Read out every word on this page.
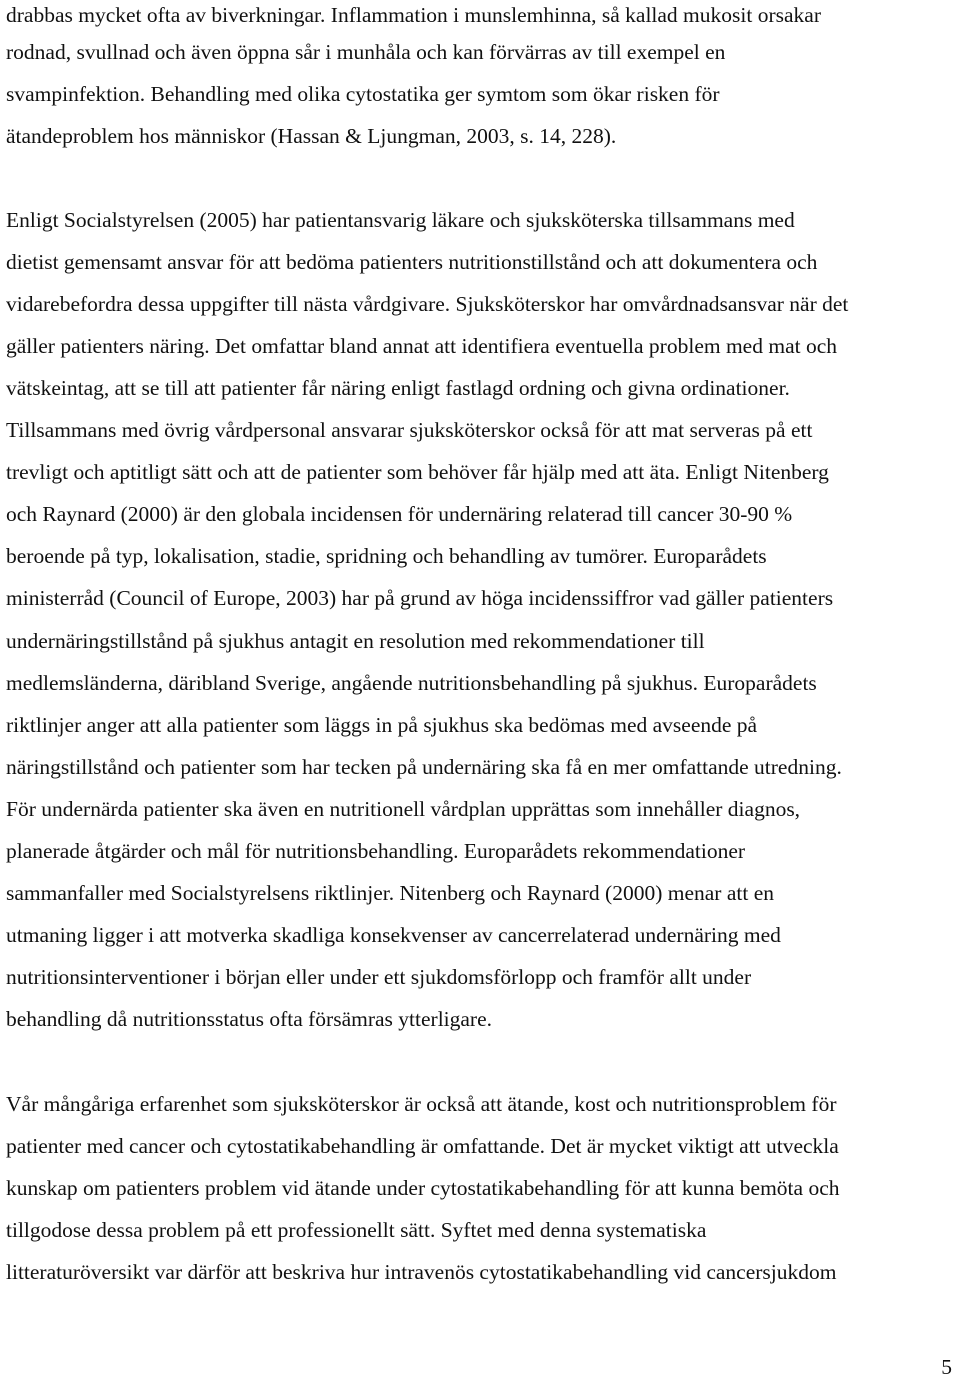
drabbas mycket ofta av biverkningar. Inflammation i munslemhinna, så kallad mukosit orsakar

rodnad, svullnad och även öppna sår i munhåla och kan förvärras av till exempel en

svampinfektion. Behandling med olika cytostatika ger symtom som ökar risken för

ätandeproblem hos människor (Hassan & Ljungman, 2003, s. 14, 228).

Enligt Socialstyrelsen (2005) har patientansvarig läkare och sjuksköterska tillsammans med

dietist gemensamt ansvar för att bedöma patienters nutritionstillstånd och att dokumentera och

vidarebefordra dessa uppgifter till nästa vårdgivare. Sjuksköterskor har omvårdnadsansvar när det

gäller patienters näring. Det omfattar bland annat att identifiera eventuella problem med mat och

vätskeintag, att se till att patienter får näring enligt fastlagd ordning och givna ordinationer.

Tillsammans med övrig vårdpersonal ansvarar sjuksköterskor också för att mat serveras på ett

trevligt och aptitligt sätt och att de patienter som behöver får hjälp med att äta. Enligt Nitenberg

och Raynard (2000) är den globala incidensen för undernäring relaterad till cancer 30-90 %

beroende på typ, lokalisation, stadie, spridning och behandling av tumörer. Europarådets

ministerråd (Council of Europe, 2003) har på grund av höga incidenssiffror vad gäller patienters

undernäringstillstånd på sjukhus antagit en resolution med rekommendationer till

medlemsländerna, däribland Sverige, angående nutritionsbehandling på sjukhus. Europarådets

riktlinjer anger att alla patienter som läggs in på sjukhus ska bedömas med avseende på

näringstillstånd och patienter som har tecken på undernäring ska få en mer omfattande utredning.

För undernärda patienter ska även en nutritionell vårdplan upprättas som innehåller diagnos,

planerade åtgärder och mål för nutritionsbehandling. Europarådets rekommendationer

sammanfaller med Socialstyrelsens riktlinjer. Nitenberg och Raynard (2000) menar att en

utmaning ligger i att motverka skadliga konsekvenser av cancerrelaterad undernäring med

nutritionsinterventioner i början eller under ett sjukdomsförlopp och framför allt under

behandling då nutritionsstatus ofta försämras ytterligare.

Vår mångåriga erfarenhet som sjuksköterskor är också att ätande, kost och nutritionsproblem för

patienter med cancer och cytostatikabehandling är omfattande. Det är mycket viktigt att utveckla

kunskap om patienters problem vid ätande under cytostatikabehandling för att kunna bemöta och

tillgodose dessa problem på ett professionellt sätt. Syftet med denna systematiska

litteraturöversikt var därför att beskriva hur intravenös cytostatikabehandling vid cancersjukdom

5
